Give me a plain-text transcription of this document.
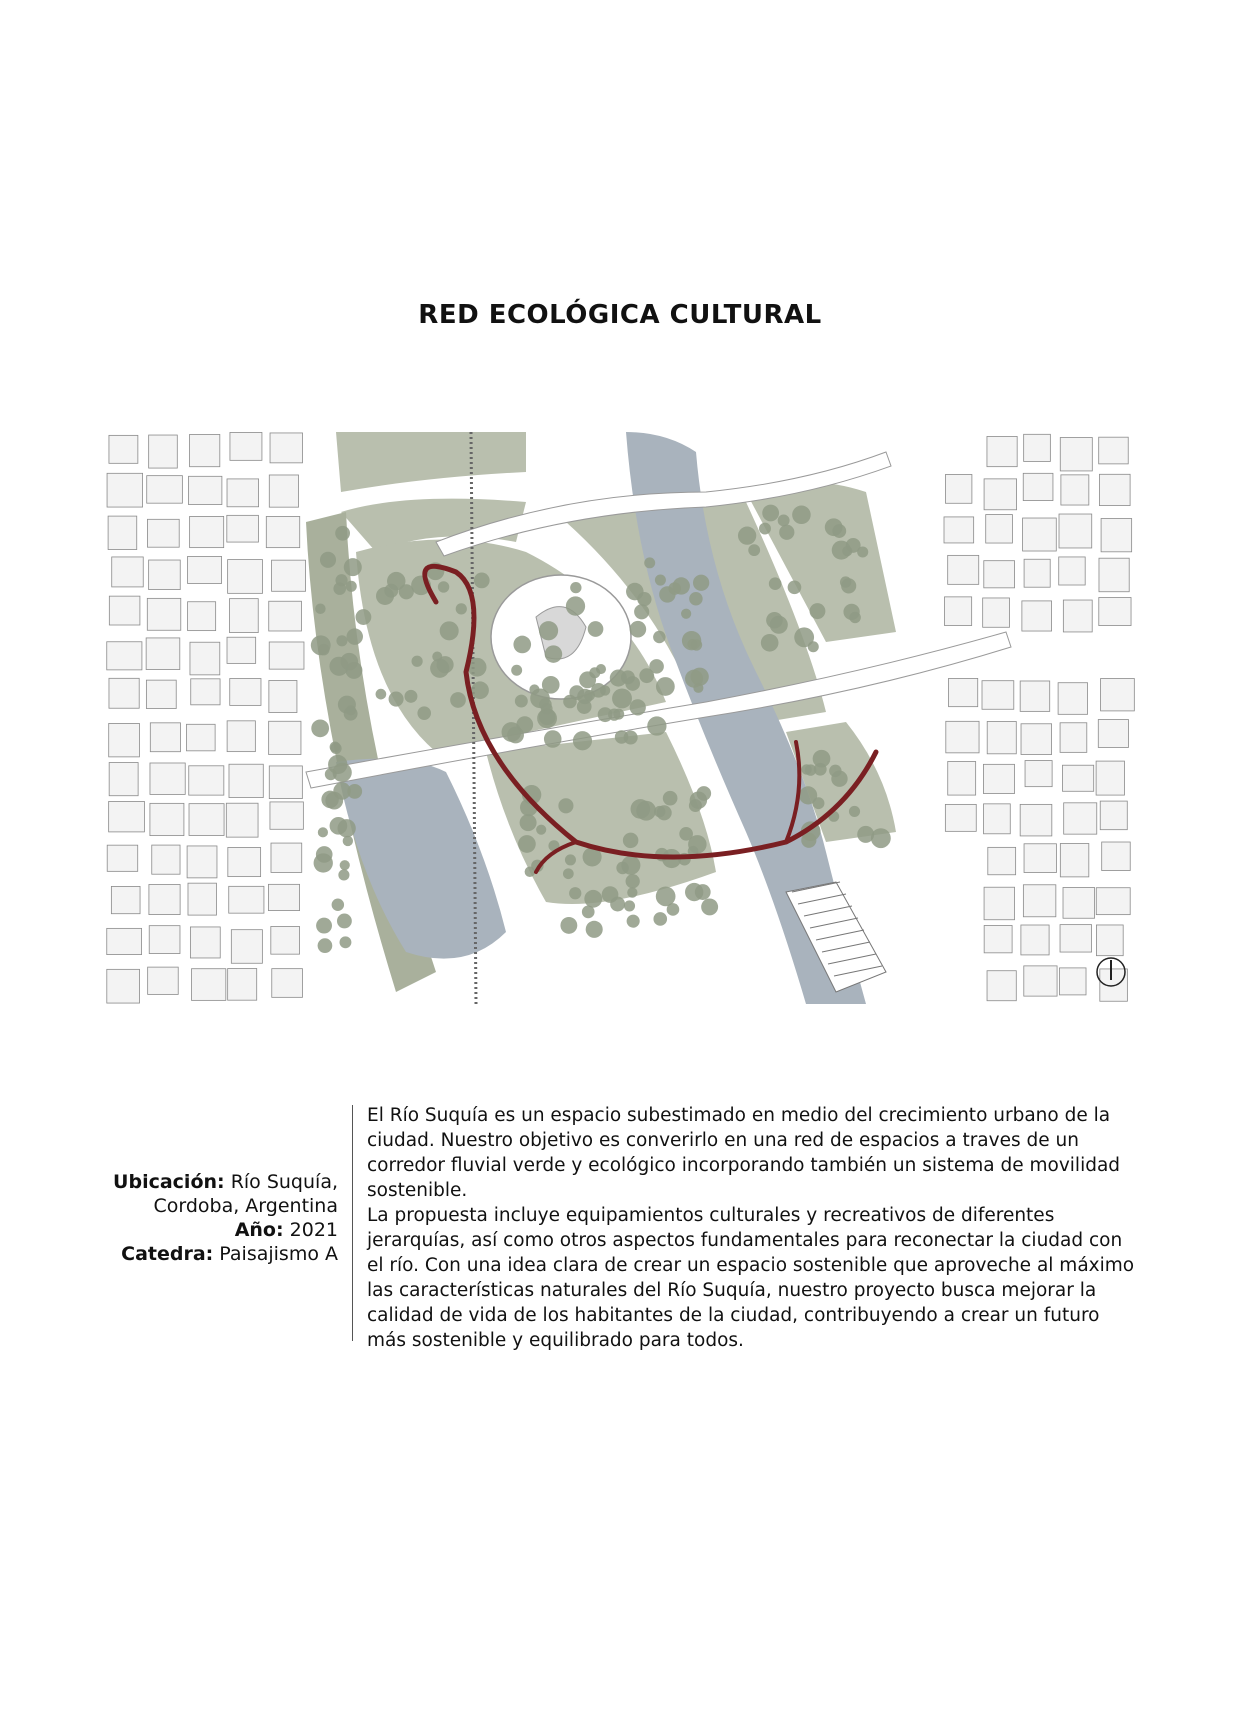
RED ECOLÓGICA CULTURAL
Ubicación: Río Suquía,
Cordoba, Argentina
Año: 2021
Catedra: Paisajismo A

El Río Suquía es un espacio subestimado en medio del crecimiento urbano de la ciudad. Nuestro objetivo es converirlo en una red de espacios a traves de un corredor fluvial verde y ecológico incorporando también un sistema de movilidad sostenible.

La propuesta incluye equipamientos culturales y recreativos de diferentes jerarquías, así como otros aspectos fundamentales para reconectar la ciudad con el río. Con una idea clara de crear un espacio sostenible que aproveche al máximo las características naturales del Río Suquía, nuestro proyecto busca mejorar la calidad de vida de los habitantes de la ciudad, contribuyendo a crear un futuro más sostenible y equilibrado para todos.
